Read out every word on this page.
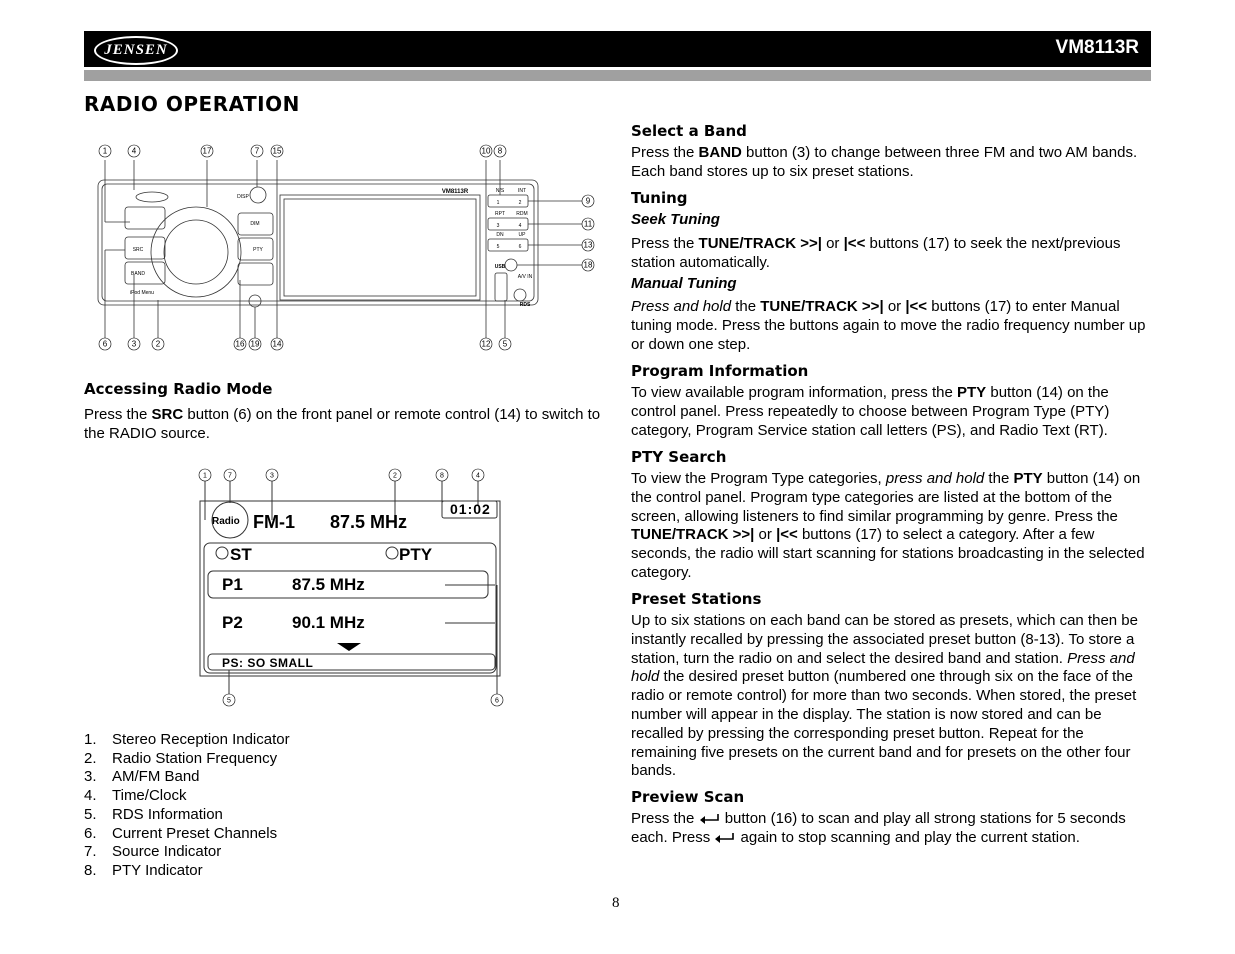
JENSEN	VM8113R
RADIO OPERATION
VM8113R
DISP
DIM
SRC	PTY
BAND
iPod Menu
USB
A/V IN
RDS
N/S	INT
RPT RDM
DN	UP
1	2
3	4
5	6
1	4	17	7 15	10 8
9
11
13
18
6	3 2	16 19 14	12 5
Accessing Radio Mode
Press the SRC button (6) on the front panel or remote control (14) to switch to the RADIO source.
Radio FM-1 87.5 MHz
01:02
ST	PTY
P1	87.5 MHz
P2	90.1 MHz
PS: SO SMALL
1	7	3	2	8	4
5	6
1.	Stereo Reception Indicator
2.	Radio Station Frequency
3.	AM/FM Band
4.	Time/Clock
5.	RDS Information
6.	Current Preset Channels
7.	Source Indicator
8.	PTY Indicator
Select a Band
Press the BAND button (3) to change between three FM and two AM bands. Each band stores up to six preset stations.
Tuning
Seek Tuning
Press the TUNE/TRACK >>| or |<< buttons (17) to seek the next/previous station automatically.
Manual Tuning
Press and hold the TUNE/TRACK >>| or |<< buttons (17) to enter Manual tuning mode. Press the buttons again to move the radio frequency number up or down one step.
Program Information
To view available program information, press the PTY button (14) on the control panel. Press repeatedly to choose between Program Type (PTY) category, Program Service station call letters (PS), and Radio Text (RT).
PTY Search
To view the Program Type categories, press and hold the PTY button (14) on the control panel. Program type categories are listed at the bottom of the screen, allowing listeners to find similar programming by genre. Press the TUNE/TRACK >>| or |<< buttons (17) to select a category. After a few seconds, the radio will start scanning for stations broadcasting in the selected category.
Preset Stations
Up to six stations on each band can be stored as presets, which can then be instantly recalled by pressing the associated preset button (8-13). To store a station, turn the radio on and select the desired band and station. Press and hold the desired preset button (numbered one through six on the face of the radio or remote control) for more than two seconds. When stored, the preset number will appear in the display. The station is now stored and can be recalled by pressing the corresponding preset button. Repeat for the remaining five presets on the current band and for presets on the other four bands.
Preview Scan
Press the  button (16) to scan and play all strong stations for 5 seconds each. Press  again to stop scanning and play the current station.
8
